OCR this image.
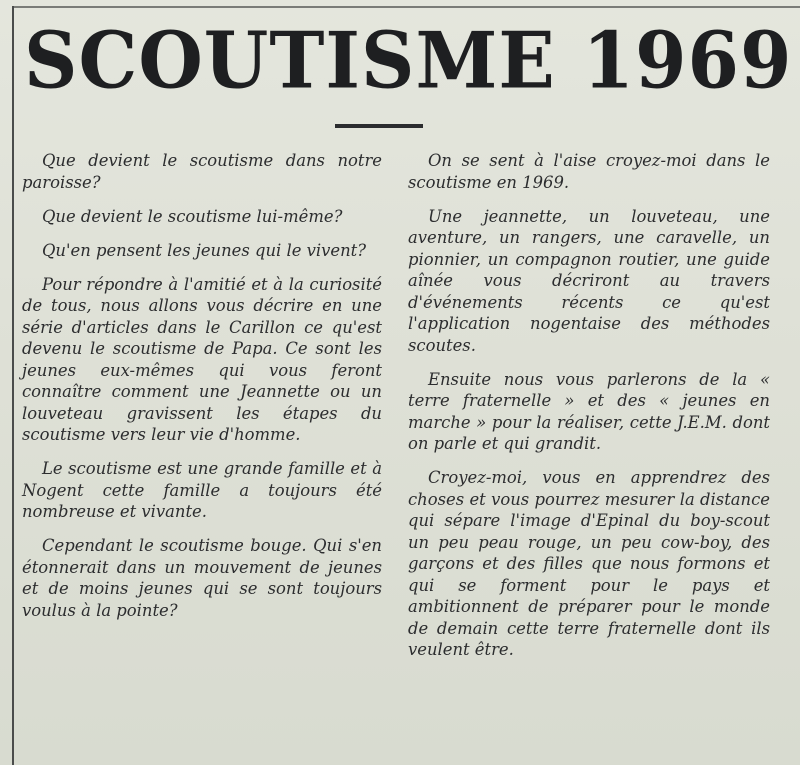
SCOUTISME 1969

Que devient le scoutisme dans notre paroisse?

Que devient le scoutisme lui-même?

Qu'en pensent les jeunes qui le vivent?

Pour répondre à l'amitié et à la curiosité de tous, nous allons vous décrire en une série d'articles dans le Carillon ce qu'est devenu le scoutisme de Papa. Ce sont les jeunes eux-mêmes qui vous feront connaître comment une Jeannette ou un louveteau gravissent les étapes du scoutisme vers leur vie d'homme.

Le scoutisme est une grande famille et à Nogent cette famille a toujours été nombreuse et vivante.

Cependant le scoutisme bouge. Qui s'en étonnerait dans un mouvement de jeunes et de moins jeunes qui se sont toujours voulus à la pointe?

On se sent à l'aise croyez-moi dans le scoutisme en 1969.

Une jeannette, un louveteau, une aventure, un rangers, une caravelle, un pionnier, un compagnon routier, une guide aînée vous décriront au travers d'événements récents ce qu'est l'application nogentaise des méthodes scoutes.

Ensuite nous vous parlerons de la « terre fraternelle » et des « jeunes en marche » pour la réaliser, cette J.E.M. dont on parle et qui grandit.

Croyez-moi, vous en apprendrez des choses et vous pourrez mesurer la distance qui sépare l'image d'Epinal du boy-scout un peu peau rouge, un peu cow-boy, des garçons et des filles que nous formons et qui se forment pour le pays et ambitionnent de préparer pour le monde de demain cette terre fraternelle dont ils veulent être.
